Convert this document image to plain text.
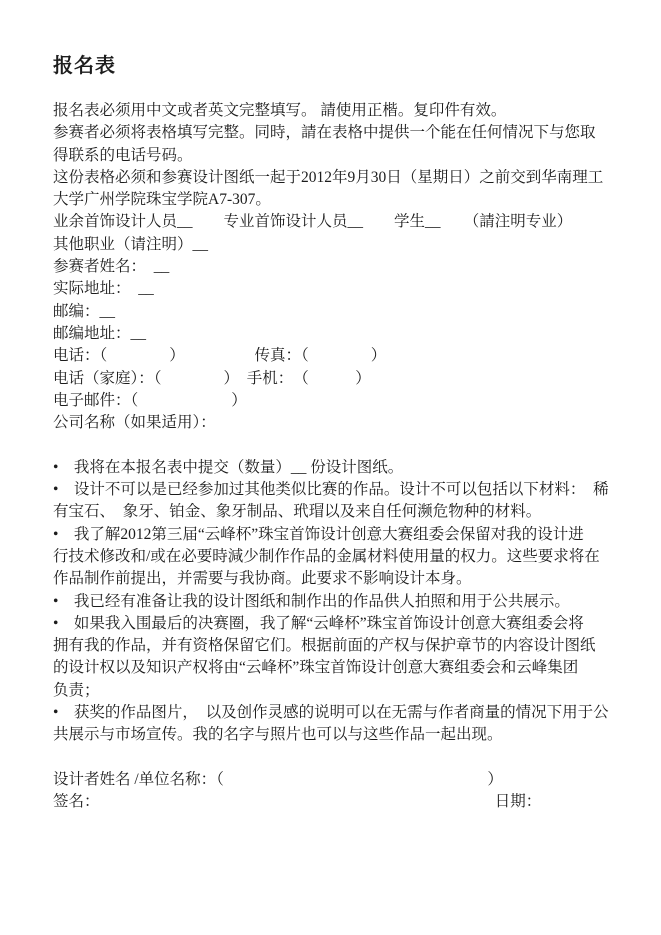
报名表
报名表必须用中文或者英文完整填写。 請使用正楷。复印件有效。
参赛者必须将表格填写完整。同時，請在表格中提供一个能在任何情况下与您取
得联系的电话号码。
这份表格必须和参赛设计图纸一起于2012年9月30日（星期日）之前交到华南理工
大学广州学院珠宝学院A7-307。
业余首饰设计人员__　　专业首饰设计人员__　　学生__　　（請注明专业）
其他职业（请注明）__
参赛者姓名：　__
实际地址：　__
邮编：__
邮编地址：__
电话：（　　　　）　　　　　传真：（　　　　）
电话（家庭）：（　　　　）　手机：　（　　　）
电子邮件：（　　　　　　）
公司名称（如果适用）：
•　我将在本报名表中提交（数量）__ 份设计图纸。
•　设计不可以是已经参加过其他类似比赛的作品。设计不可以包括以下材料：　稀
有宝石、　象牙、铂金、象牙制品、玳瑁以及来自任何濒危物种的材料。
•　我了解2012第三届“云峰杯”珠宝首饰设计创意大赛组委会保留对我的设计进
行技术修改和/或在必要時減少制作作品的金属材料使用量的权力。这些要求将在
作品制作前提出，并需要与我协商。此要求不影响设计本身。
•　我已经有准备让我的设计图纸和制作出的作品供人拍照和用于公共展示。
•　如果我入围最后的决赛圈，我了解“云峰杯”珠宝首饰设计创意大赛组委会将
拥有我的作品，并有资格保留它们。根据前面的产权与保护章节的内容设计图纸
的设计权以及知识产权将由“云峰杯”珠宝首饰设计创意大赛组委会和云峰集团
负责；
•　获奖的作品图片，　以及创作灵感的说明可以在无需与作者商量的情况下用于公
共展示与市场宣传。我的名字与照片也可以与这些作品一起出现。
设计者姓名 /单位名称：（　　　　　　　　　　　　　　　　　）
签名：　　　　　　　　　　　　　　　　　　　　　　　　　　日期：
